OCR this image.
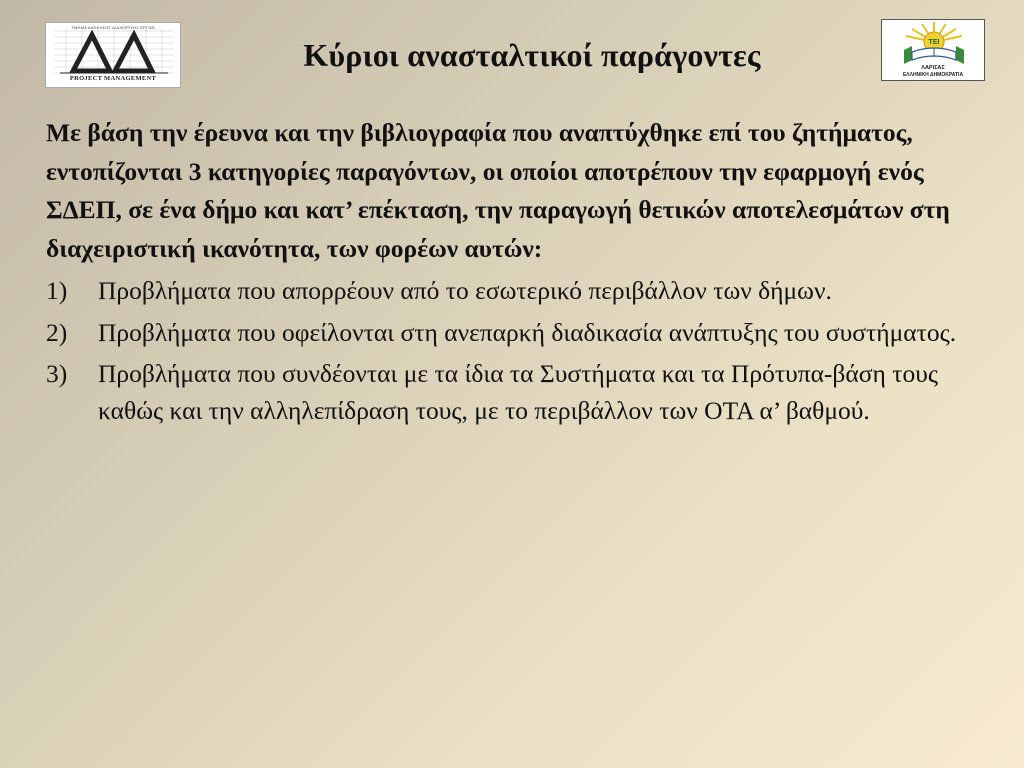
ΤΜΗΜΑ ΔΙΟΙΚΗΣΗΣ ΔΙΑΧΕΙΡΙΣΗΣ ΕΡΓΩΝ
PROJECT MANAGEMENT
Κύριοι ανασταλτικοί παράγοντες	ΤΕΙ
ΛΑΡΙΣΑΣ
ΕΛΛΗΝΙΚΗ ΔΗΜΟΚΡΑΤΙΑ

Με βάση την έρευνα και την βιβλιογραφία που αναπτύχθηκε επί του ζητήματος, εντοπίζονται 3 κατηγορίες παραγόντων, οι οποίοι αποτρέπουν την εφαρμογή ενός ΣΔΕΠ, σε ένα δήμο και κατ’ επέκταση, την παραγωγή θετικών αποτελεσμάτων στη διαχειριστική ικανότητα, των φορέων αυτών:

1)	Προβλήματα που απορρέουν από το εσωτερικό περιβάλλον των δήμων.
2)	Προβλήματα που οφείλονται στη ανεπαρκή διαδικασία ανάπτυξης του συστήματος.
3)	Προβλήματα που συνδέονται με τα ίδια τα Συστήματα και τα Πρότυπα-βάση τους καθώς και την αλληλεπίδραση τους, με το περιβάλλον των ΟΤΑ α’ βαθμού.
